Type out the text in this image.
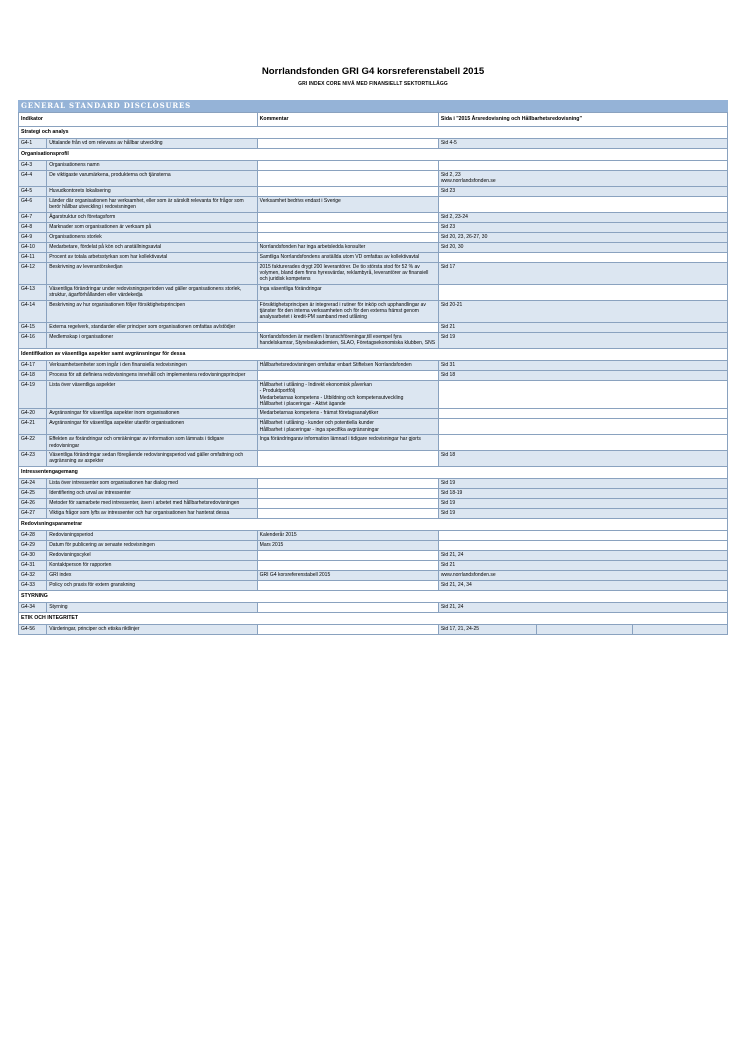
Norrlandsfonden GRI G4 korsreferenstabell 2015
GRI INDEX CORE NIVÅ MED FINANSIELLT SEKTORTILLÄGG
GENERAL STANDARD DISCLOSURES
Indikator		Kommentar	Sida i "2015 Årsredovisning och Hållbarhetsredovisning"		
Strategi och analys					
G4-1	Uttalande från vd om relevans av hållbar utveckling		Sid 4-5		
Organisationsprofil					
G4-3	Organisationens namn				
G4-4	De viktigaste varumärkena, produkterna och tjänsterna		Sid 2, 23
www.norrlandsfonden.se		
G4-5	Huvudkontorets lokalisering		Sid 23		
G4-6	Länder där organisationen har verksamhet, eller som är särskilt relevanta för frågor som berör hållbar utveckling i redovisningen	Verksamhet bedrivs endast i Sverige			
G4-7	Ägarstruktur och företagsform		Sid 2, 23-24		
G4-8	Marknader som organisationen är verksam på		Sid 23		
G4-9	Organisationens storlek		Sid 20, 23, 26-27, 30		
G4-10	Medarbetare, fördelat på kön och anställningsavtal	Norrlandsfonden har inga arbetsledda konsulter	Sid 20, 30		
G4-11	Procent av totala arbetsstyrkan som har kollektivavtal	Samtliga Norrlandsfondens anställda utom VD omfattas av kollektivavtal			
G4-12	Beskrivning av leverantörskedjan	2015 fakturerades drygt 200 leverantörer. De tio största stod för 52 % av volymen, bland dem finns hyresvärdar, reklambyrå, leverantörer av finansiell och juridisk kompetens	Sid 17		
G4-13	Väsentliga förändringar under redovisningsperioden vad gäller organisationens storlek, struktur, ägarförhållanden eller värdekedja	Inga väsentliga förändringar			
G4-14	Beskrivning av hur organisationen följer försiktighetsprincipen	Försiktighetsprincipen är integrerad i rutiner för inköp och upphandlingar av tjänster för den interna verksamheten och för den externa främst genom analysarbetet i kredit-PM samband med utlåning	Sid 20-21		
G4-15	Externa regelverk, standarder eller principer som organisationen omfattas av/stödjer		Sid 21		
G4-16	Medlemskap i organisationer	Norrlandsfonden är medlem i branschföreningar,till exempel fyra handelskamrar, Styrelseakademien, SLAO, Företagsekonomiska klubben, SNS	Sid 19		
Identifikation av väsentliga aspekter samt avgränsningar för dessa					
G4-17	Verksamhetsenheter som ingår i den finansiella redovisningen	Hållbarhetsredovisningen omfattar enbart Stiftelsen Norrlandsfonden	Sid 31		
G4-18	Process för att definiera redovisningens innehåll och implementera redovisningsprinciper		Sid 18		
G4-19	Lista över väsentliga aspekter	Hållbarhet i utlåning - Indirekt ekonomisk påverkan
- Produktportfölj
Medarbetarnas kompetens - Utbildning och kompetensutveckling
Hållbarhet i placeringar - Aktivt ägande			
G4-20	Avgränsningar för väsentliga aspekter inom organisationen	Medarbetarnas kompetens - främst företagsanalytiker			
G4-21	Avgränsningar för väsentliga aspekter utanför organisationen	Hållbarhet i utlåning - kunder och potentiella kunder
Hållbarhet i placeringar - inga specifika avgränsningar			
G4-22	Effekten av förändringar och omräkningar av information som lämnats i tidigare redovisningar	Inga förändringarav information lämnad i tidigare redovisningar har gjorts			
G4-23	Väsentliga förändringar sedan föregående redovisningsperiod vad gäller omfattning och avgränsning av aspekter		Sid 18		
Intressentengagemang					
G4-24	Lista över intressenter som organisationen har dialog med		Sid 19		
G4-25	Identifiering och urval av intressenter		Sid 18-19		
G4-26	Metoder för samarbete med intressenter, även i arbetet med hållbarhetsredovisningen		Sid 19		
G4-27	Viktiga frågor som lyfts av intressenter och hur organisationen har hanterat dessa		Sid 19		
Redovisningsparametrar					
G4-28	Redovisningsperiod	Kalenderår 2015			
G4-29	Datum för publicering av senaste redovisningen	Mars 2015			
G4-30	Redovisningscykel		Sid 21, 24		
G4-31	Kontaktperson för rapporten		Sid 21		
G4-32	GRI index	GRI G4 korsreferenstabell 2015	www.norrlandsfonden.se		
G4-33	Policy och praxis för extern granskning		Sid 21, 24, 34		
STYRNING					
G4-34	Styrning		Sid 21, 24		
ETIK OCH INTEGRITET					
G4-56	Värderingar, principer och etiska riktlinjer		Sid 17, 21, 24-25		
